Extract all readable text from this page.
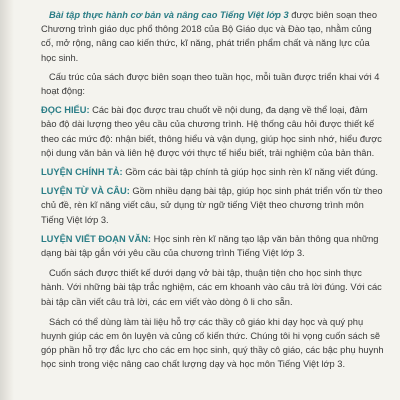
Bài tập thực hành cơ bản và nâng cao Tiếng Việt lớp 3 được biên soạn theo Chương trình giáo dục phổ thông 2018 của Bộ Giáo dục và Đào tạo, nhằm củng cố, mở rộng, nâng cao kiến thức, kĩ năng, phát triển phẩm chất và năng lực của học sinh.

Cấu trúc của sách được biên soạn theo tuần học, mỗi tuần được triển khai với 4 hoạt động:

ĐỌC HIỂU: Các bài đọc được trau chuốt về nội dung, đa dạng về thể loại, đảm bảo độ dài lượng theo yêu cầu của chương trình. Hệ thống câu hỏi được thiết kế theo các mức độ: nhận biết, thông hiểu và vận dụng, giúp học sinh nhớ, hiểu được nội dung văn bản và liên hệ được với thực tế hiểu biết, trải nghiệm của bản thân.

LUYỆN CHÍNH TẢ: Gồm các bài tập chính tả giúp học sinh rèn kĩ năng viết đúng.

LUYỆN TỪ VÀ CÂU: Gồm nhiều dạng bài tập, giúp học sinh phát triển vốn từ theo chủ đề, rèn kĩ năng viết câu, sử dụng từ ngữ tiếng Việt theo chương trình môn Tiếng Việt lớp 3.

LUYỆN VIẾT ĐOẠN VĂN: Học sinh rèn kĩ năng tạo lập văn bản thông qua những dạng bài tập gắn với yêu cầu của chương trình Tiếng Việt lớp 3.

Cuốn sách được thiết kế dưới dạng vở bài tập, thuận tiện cho học sinh thực hành. Với những bài tập trắc nghiệm, các em khoanh vào câu trả lời đúng. Với các bài tập cần viết câu trả lời, các em viết vào dòng ô li cho sẵn.

Sách có thể dùng làm tài liệu hỗ trợ các thầy cô giáo khi dạy học và quý phụ huynh giúp các em ôn luyện và củng cố kiến thức. Chúng tôi hi vọng cuốn sách sẽ góp phần hỗ trợ đắc lực cho các em học sinh, quý thầy cô giáo, các bậc phụ huynh học sinh trong việc nâng cao chất lượng dạy và học môn Tiếng Việt lớp 3.
